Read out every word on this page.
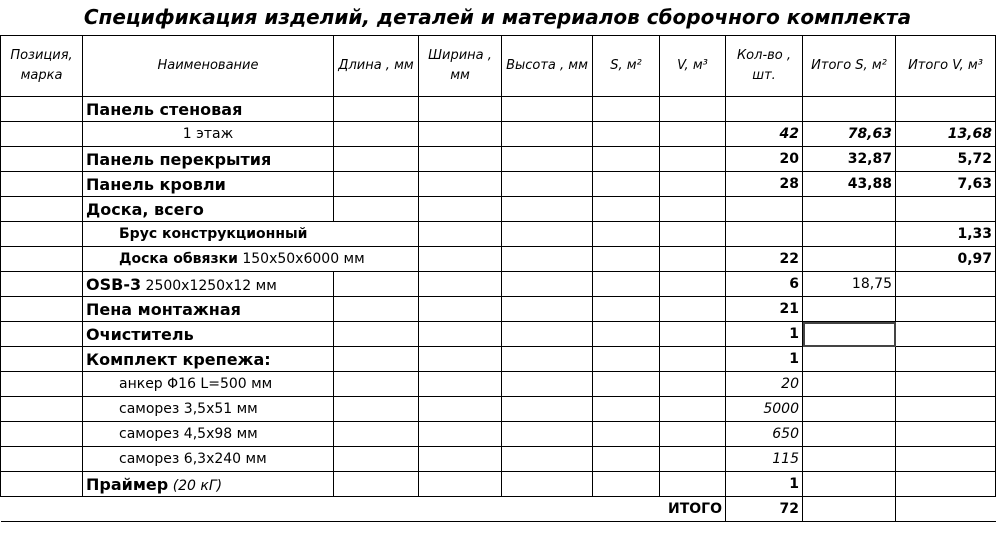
Спецификация изделий, деталей и материалов сборочного комплекта
Позиция, марка	Наименование	Длина , мм	Ширина , мм	Высота , мм	S, м²	V, м³	Кол-во , шт.	Итого S, м²	Итого V, м³
	Панель стеновая								
	1 этаж						42	78,63	13,68
	Панель перекрытия						20	32,87	5,72
	Панель кровли						28	43,88	7,63
	Доска, всего								
	Брус конструкционный								1,33
	Доска обвязки 150х50х6000 мм						22		0,97
	OSB-3 2500х1250х12 мм						6	18,75	
	Пена монтажная						21		
	Очиститель						1		
	Комплект крепежа:						1		
	анкер Φ16 L=500 мм						20		
	саморез 3,5х51 мм						5000		
	саморез 4,5х98 мм						650		
	саморез 6,3х240 мм						115		
	Праймер (20 кГ)						1		
						ИТОГО	72		
